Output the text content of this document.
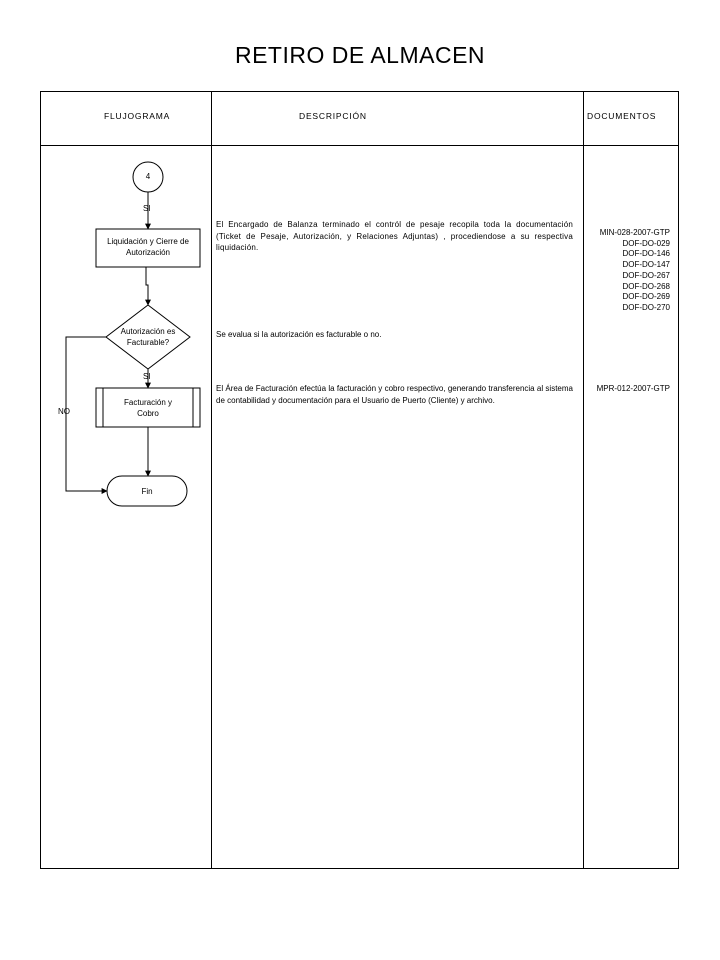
RETIRO DE ALMACEN
FLUJOGRAMA	DESCRIPCIÓN	DOCUMENTOS
4
SI
Liquidación y Cierre de Autorización
Autorización es Facturable?
SI
NO
Facturación y Cobro
Fin
El Encargado de Balanza terminado el contról de pesaje recopila toda la documentación (Ticket de Pesaje, Autorización, y Relaciones Adjuntas) , procediendose a su respectiva liquidación.
Se evalua si la autorización es facturable o no.
El Área de Facturación efectúa la facturación y cobro respectivo, generando transferencia al sistema de contabilidad y documentación para el Usuario de Puerto (Cliente) y archivo.
MIN-028-2007-GTP
DOF-DO-029
DOF-DO-146
DOF-DO-147
DOF-DO-267
DOF-DO-268
DOF-DO-269
DOF-DO-270
MPR-012-2007-GTP
